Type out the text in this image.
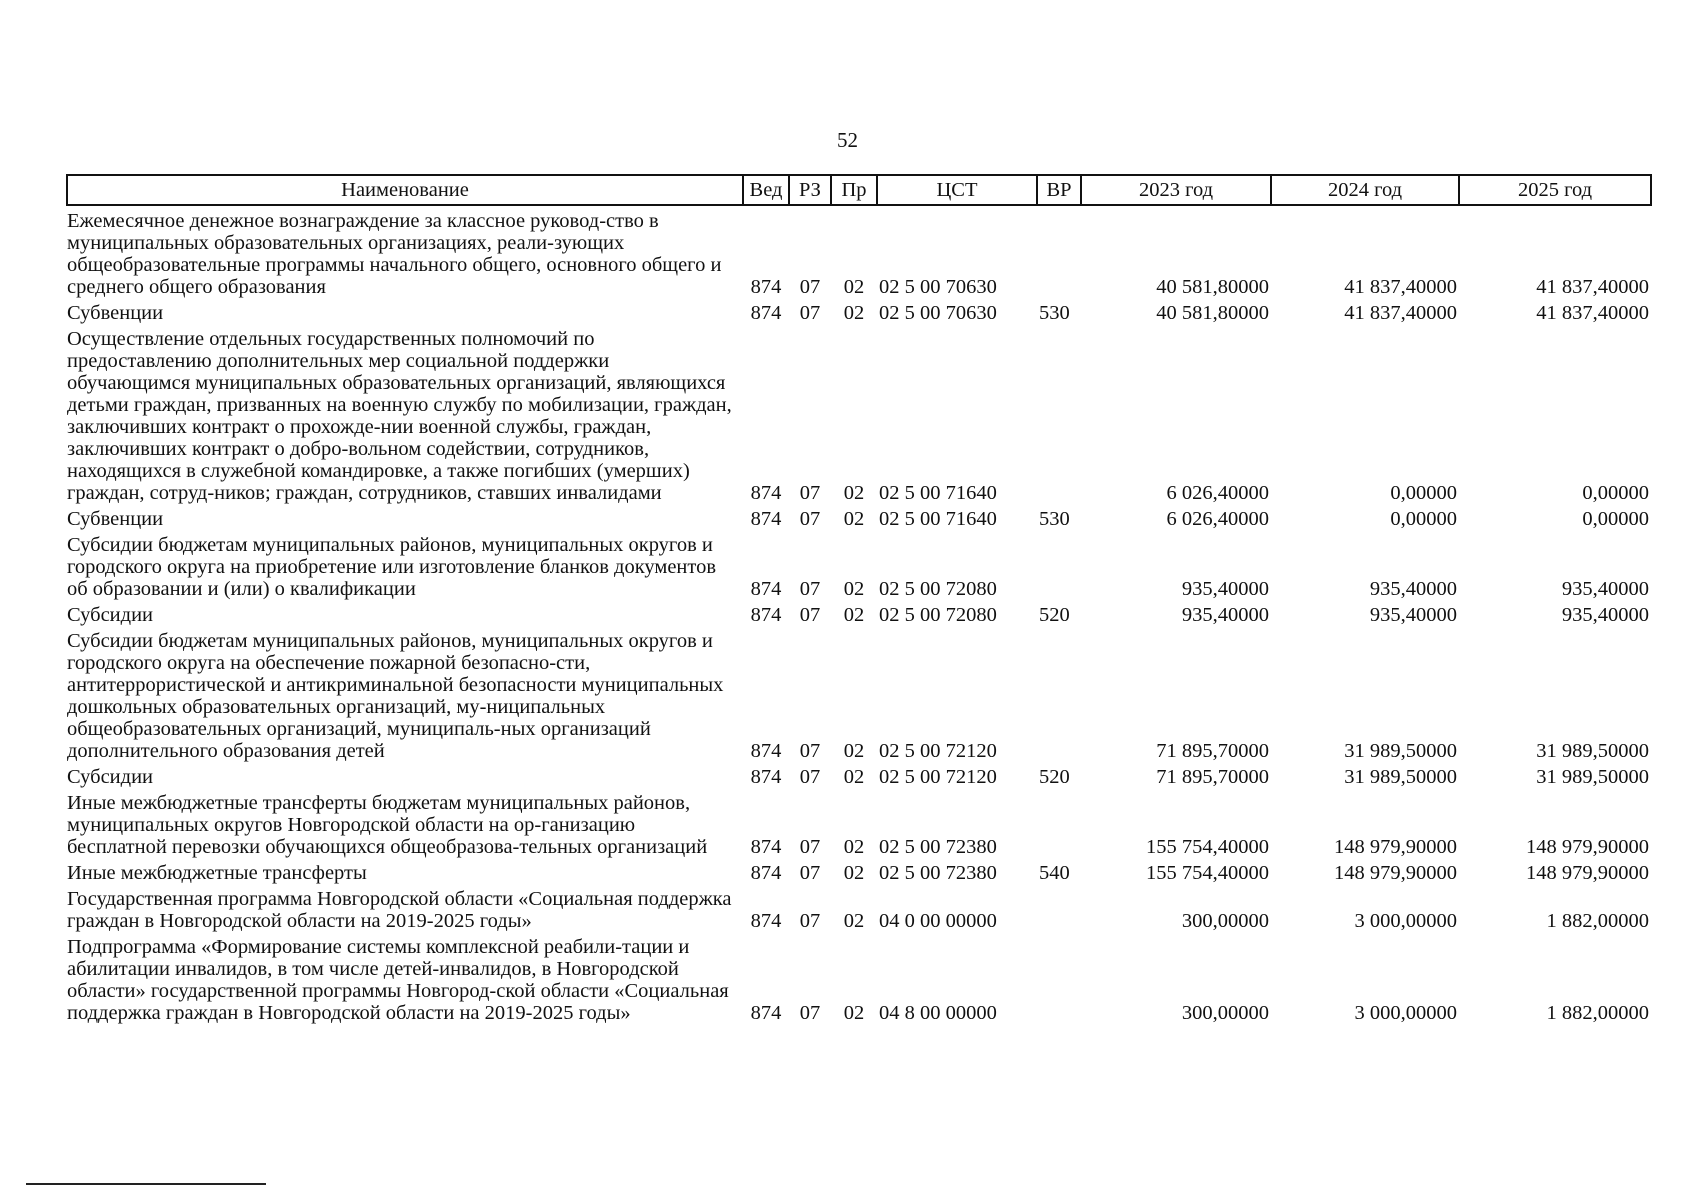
52
Наименование	Вед	РЗ	Пр	ЦСТ	ВР	2023 год	2024 год	2025 год
Ежемесячное денежное вознаграждение за классное руковод-ство в муниципальных образовательных организациях, реали-зующих общеобразовательные программы начального общего, основного общего и среднего общего образования	874	07	02	02 5 00 70630		40 581,80000	41 837,40000	41 837,40000
Субвенции	874	07	02	02 5 00 70630	530	40 581,80000	41 837,40000	41 837,40000
Осуществление отдельных государственных полномочий по предоставлению дополнительных мер социальной поддержки обучающимся муниципальных образовательных организаций, являющихся детьми граждан, призванных на военную службу по мобилизации, граждан, заключивших контракт о прохожде-нии военной службы, граждан, заключивших контракт о добро-вольном содействии, сотрудников, находящихся в служебной командировке, а также погибших (умерших) граждан, сотруд-ников; граждан, сотрудников, ставших инвалидами	874	07	02	02 5 00 71640		6 026,40000	0,00000	0,00000
Субвенции	874	07	02	02 5 00 71640	530	6 026,40000	0,00000	0,00000
Субсидии бюджетам муниципальных районов, муниципальных округов и городского округа на приобретение или изготовление бланков документов об образовании и (или) о квалификации	874	07	02	02 5 00 72080		935,40000	935,40000	935,40000
Субсидии	874	07	02	02 5 00 72080	520	935,40000	935,40000	935,40000
Субсидии бюджетам муниципальных районов, муниципальных округов и городского округа на обеспечение пожарной безопасно-сти, антитеррористической и антикриминальной безопасности муниципальных дошкольных образовательных организаций, му-ниципальных общеобразовательных организаций, муниципаль-ных организаций дополнительного образования детей	874	07	02	02 5 00 72120		71 895,70000	31 989,50000	31 989,50000
Субсидии	874	07	02	02 5 00 72120	520	71 895,70000	31 989,50000	31 989,50000
Иные межбюджетные трансферты бюджетам муниципальных районов, муниципальных округов Новгородской области на ор-ганизацию бесплатной перевозки обучающихся общеобразова-тельных организаций	874	07	02	02 5 00 72380		155 754,40000	148 979,90000	148 979,90000
Иные межбюджетные трансферты	874	07	02	02 5 00 72380	540	155 754,40000	148 979,90000	148 979,90000
Государственная программа Новгородской области «Социальная поддержка граждан в Новгородской области на 2019-2025 годы»	874	07	02	04 0 00 00000		300,00000	3 000,00000	1 882,00000
Подпрограмма «Формирование системы комплексной реабили-тации и абилитации инвалидов, в том числе детей-инвалидов, в Новгородской области» государственной программы Новгород-ской области «Социальная поддержка граждан в Новгородской области на 2019-2025 годы»	874	07	02	04 8 00 00000		300,00000	3 000,00000	1 882,00000
